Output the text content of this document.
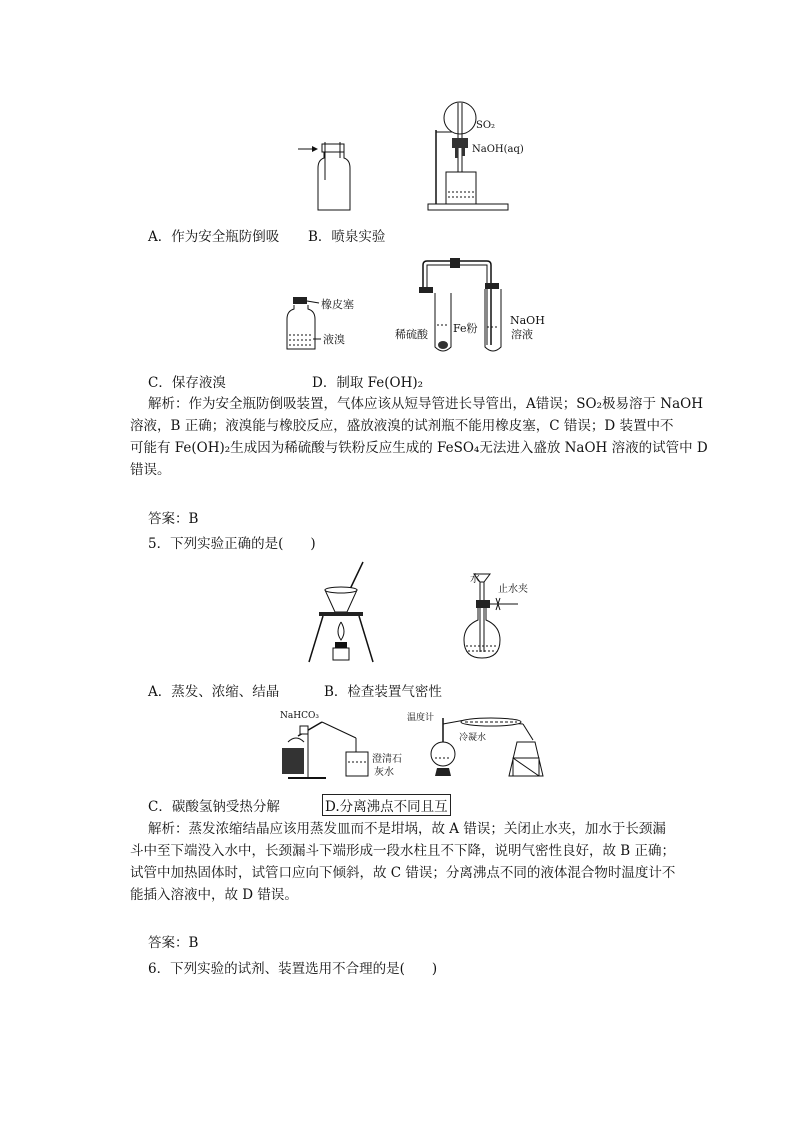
SO₂
NaOH(aq)
A．作为安全瓶防倒吸 B．喷泉实验
橡皮塞
液溴	稀硫酸 Fe粉
NaOH
溶液
C．保存液溴	D．制取 Fe(OH)₂
解析：作为安全瓶防倒吸装置，气体应该从短导管进长导管出，A错误；SO₂极易溶于 NaOH
溶液，B 正确；液溴能与橡胶反应，盛放液溴的试剂瓶不能用橡皮塞，C 错误；D 装置中不
可能有 Fe(OH)₂生成因为稀硫酸与铁粉反应生成的 FeSO₄无法进入盛放 NaOH 溶液的试管中 D
错误。
答案：B
5．下列实验正确的是(　　)
水
止水夹
A．蒸发、浓缩、结晶	B．检查装置气密性
NaHCO₃
澄清石
灰水
温度计
冷凝水
C．碳酸氢钠受热分解	D.分离沸点不同且互
解析：蒸发浓缩结晶应该用蒸发皿而不是坩埚，故 A 错误；关闭止水夹，加水于长颈漏
斗中至下端没入水中，长颈漏斗下端形成一段水柱且不下降，说明气密性良好，故 B 正确；
试管中加热固体时，试管口应向下倾斜，故 C 错误；分离沸点不同的液体混合物时温度计不
能插入溶液中，故 D 错误。
答案：B
6．下列实验的试剂、装置选用不合理的是(　　)
